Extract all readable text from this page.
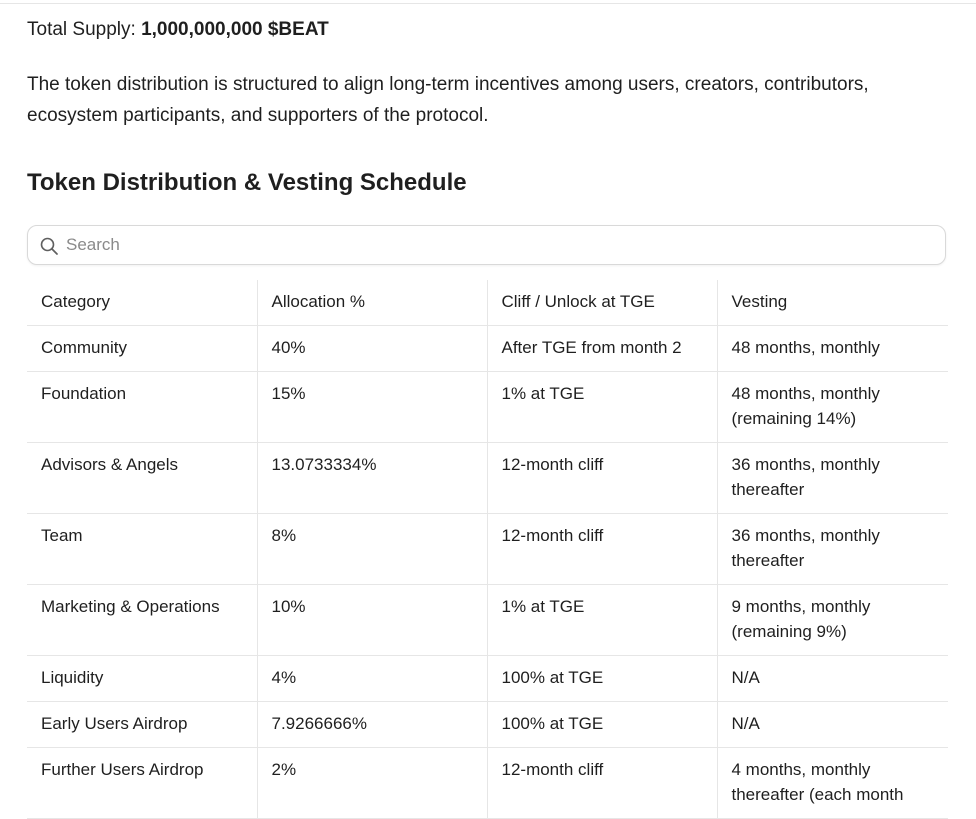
Total Supply: 1,000,000,000 $BEAT

The token distribution is structured to align long-term incentives among users, creators, contributors, ecosystem participants, and supporters of the protocol.

Token Distribution & Vesting Schedule
Search
Category	Allocation %	Cliff / Unlock at TGE	Vesting
Community	40%	After TGE from month 2	48 months, monthly
Foundation	15%	1% at TGE	48 months, monthly (remaining 14%)
Advisors & Angels	13.0733334%	12-month cliff	36 months, monthly thereafter
Team	8%	12-month cliff	36 months, monthly thereafter
Marketing & Operations	10%	1% at TGE	9 months, monthly (remaining 9%)
Liquidity	4%	100% at TGE	N/A
Early Users Airdrop	7.9266666%	100% at TGE	N/A
Further Users Airdrop	2%	12-month cliff	4 months, monthly thereafter (each month
